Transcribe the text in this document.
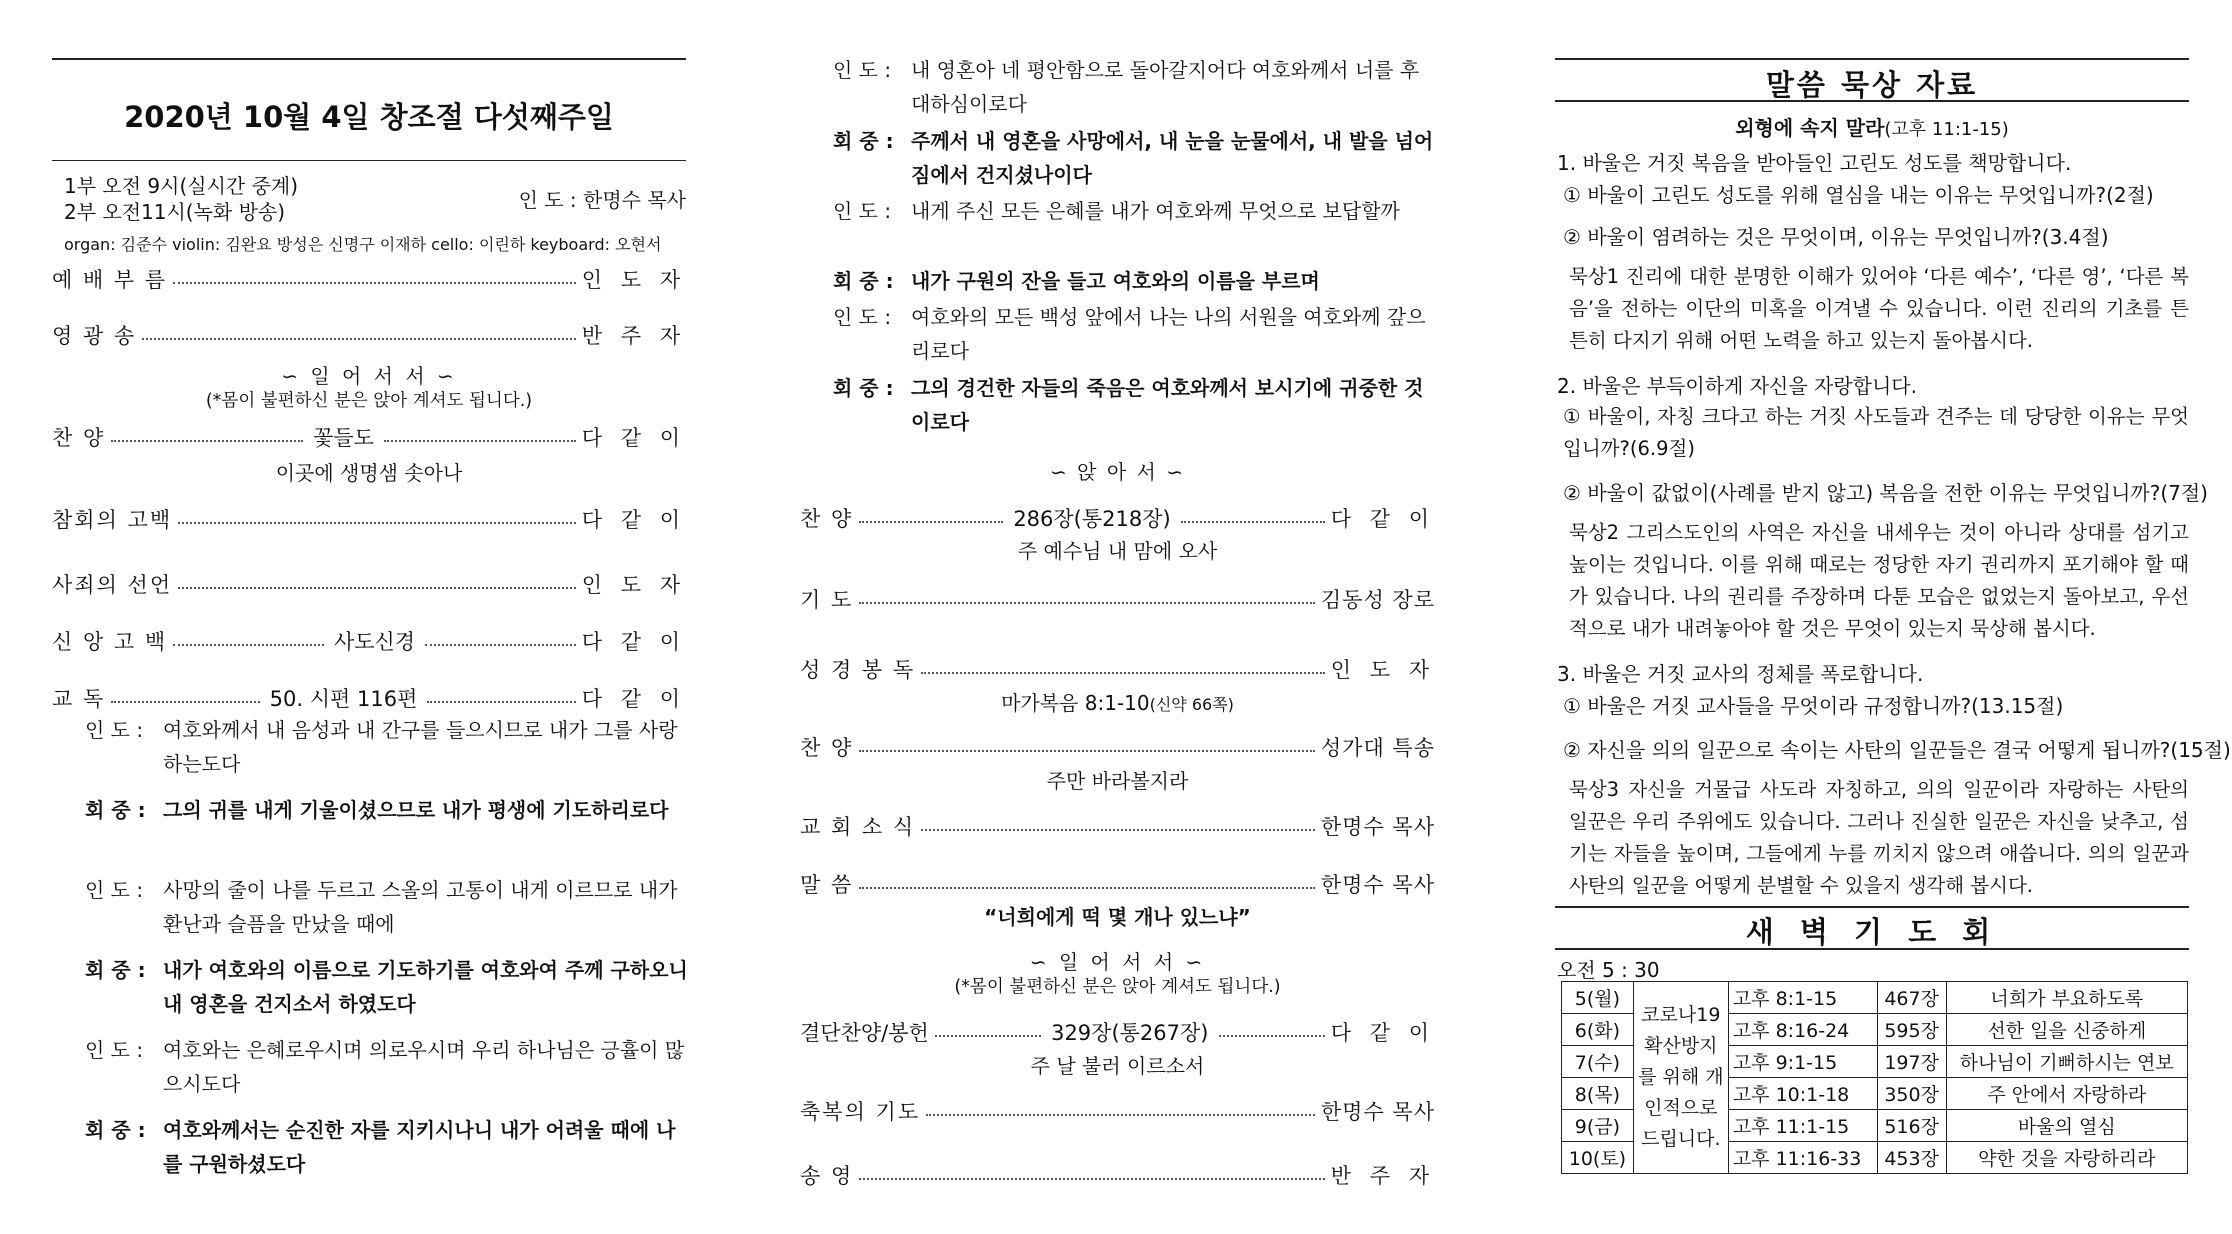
2020년 10월 4일 창조절 다섯째주일
1부 오전 9시(실시간 중계)
2부 오전11시(녹화 방송)	인 도 : 한명수 목사
organ: 김준수 violin: 김완요 방성은 신명구 이재하 cello: 이린하 keyboard: 오현서
예 배 부 름	인 도 자
영 광 송	반 주 자
∽ 일 어 서 서 ∽
(*몸이 불편하신 분은 앉아 계셔도 됩니다.)
찬 양	꽃들도	다 같 이
이곳에 생명샘 솟아나
참회의 고백	다 같 이
사죄의 선언	인 도 자
신 앙 고 백	사도신경	다 같 이
교 독	50. 시편 116편	다 같 이
인 도 : 여호와께서 내 음성과 내 간구를 들으시므로 내가 그를 사랑하는도다
회 중 : 그의 귀를 내게 기울이셨으므로 내가 평생에 기도하리로다
인 도 : 사망의 줄이 나를 두르고 스올의 고통이 내게 이르므로 내가 환난과 슬픔을 만났을 때에
회 중 : 내가 여호와의 이름으로 기도하기를 여호와여 주께 구하오니 내 영혼을 건지소서 하였도다
인 도 : 여호와는 은혜로우시며 의로우시며 우리 하나님은 긍휼이 많으시도다
회 중 : 여호와께서는 순진한 자를 지키시나니 내가 어려울 때에 나를 구원하셨도다
인 도 : 내 영혼아 네 평안함으로 돌아갈지어다 여호와께서 너를 후대하심이로다
회 중 : 주께서 내 영혼을 사망에서, 내 눈을 눈물에서, 내 발을 넘어짐에서 건지셨나이다
인 도 : 내게 주신 모든 은혜를 내가 여호와께 무엇으로 보답할까
회 중 : 내가 구원의 잔을 들고 여호와의 이름을 부르며
인 도 : 여호와의 모든 백성 앞에서 나는 나의 서원을 여호와께 갚으리로다
회 중 : 그의 경건한 자들의 죽음은 여호와께서 보시기에 귀중한 것이로다
∽ 앉 아 서 ∽
찬 양	286장(통218장)	다 같 이
주 예수님 내 맘에 오사
기 도	김동성 장로
성 경 봉 독	인 도 자
마가복음 8:1-10(신약 66쪽)
찬 양	성가대 특송
주만 바라볼지라
교 회 소 식	한명수 목사
말 씀	한명수 목사
“너희에게 떡 몇 개나 있느냐”
∽ 일 어 서 서 ∽
(*몸이 불편하신 분은 앉아 계셔도 됩니다.)
결단찬양/봉헌	329장(통267장)	다 같 이
주 날 불러 이르소서
축복의 기도	한명수 목사
송 영	반 주 자
말씀 묵상 자료
외형에 속지 말라(고후 11:1-15)
1. 바울은 거짓 복음을 받아들인 고린도 성도를 책망합니다.
① 바울이 고린도 성도를 위해 열심을 내는 이유는 무엇입니까?(2절)
② 바울이 염려하는 것은 무엇이며, 이유는 무엇입니까?(3.4절)
묵상1 진리에 대한 분명한 이해가 있어야 ‘다른 예수’, ‘다른 영’, ‘다른 복음’을 전하는 이단의 미혹을 이겨낼 수 있습니다. 이런 진리의 기초를 튼튼히 다지기 위해 어떤 노력을 하고 있는지 돌아봅시다.
2. 바울은 부득이하게 자신을 자랑합니다.
① 바울이, 자칭 크다고 하는 거짓 사도들과 견주는 데 당당한 이유는 무엇입니까?(6.9절)
② 바울이 값없이(사례를 받지 않고) 복음을 전한 이유는 무엇입니까?(7절)
묵상2 그리스도인의 사역은 자신을 내세우는 것이 아니라 상대를 섬기고 높이는 것입니다. 이를 위해 때로는 정당한 자기 권리까지 포기해야 할 때가 있습니다. 나의 권리를 주장하며 다툰 모습은 없었는지 돌아보고, 우선적으로 내가 내려놓아야 할 것은 무엇이 있는지 묵상해 봅시다.
3. 바울은 거짓 교사의 정체를 폭로합니다.
① 바울은 거짓 교사들을 무엇이라 규정합니까?(13.15절)
② 자신을 의의 일꾼으로 속이는 사탄의 일꾼들은 결국 어떻게 됩니까?(15절)
묵상3 자신을 거물급 사도라 자칭하고, 의의 일꾼이라 자랑하는 사탄의 일꾼은 우리 주위에도 있습니다. 그러나 진실한 일꾼은 자신을 낮추고, 섬기는 자들을 높이며, 그들에게 누를 끼치지 않으려 애씁니다. 의의 일꾼과 사탄의 일꾼을 어떻게 분별할 수 있을지 생각해 봅시다.
새 벽 기 도 회
오전 5 : 30
5(월)	코로나19 확산방지를 위해 개인적으로 드립니다.	고후 8:1-15	467장	너희가 부요하도록
6(화)		고후 8:16-24	595장	선한 일을 신중하게
7(수)		고후 9:1-15	197장	하나님이 기뻐하시는 연보
8(목)		고후 10:1-18	350장	주 안에서 자랑하라
9(금)		고후 11:1-15	516장	바울의 열심
10(토)		고후 11:16-33	453장	약한 것을 자랑하리라
